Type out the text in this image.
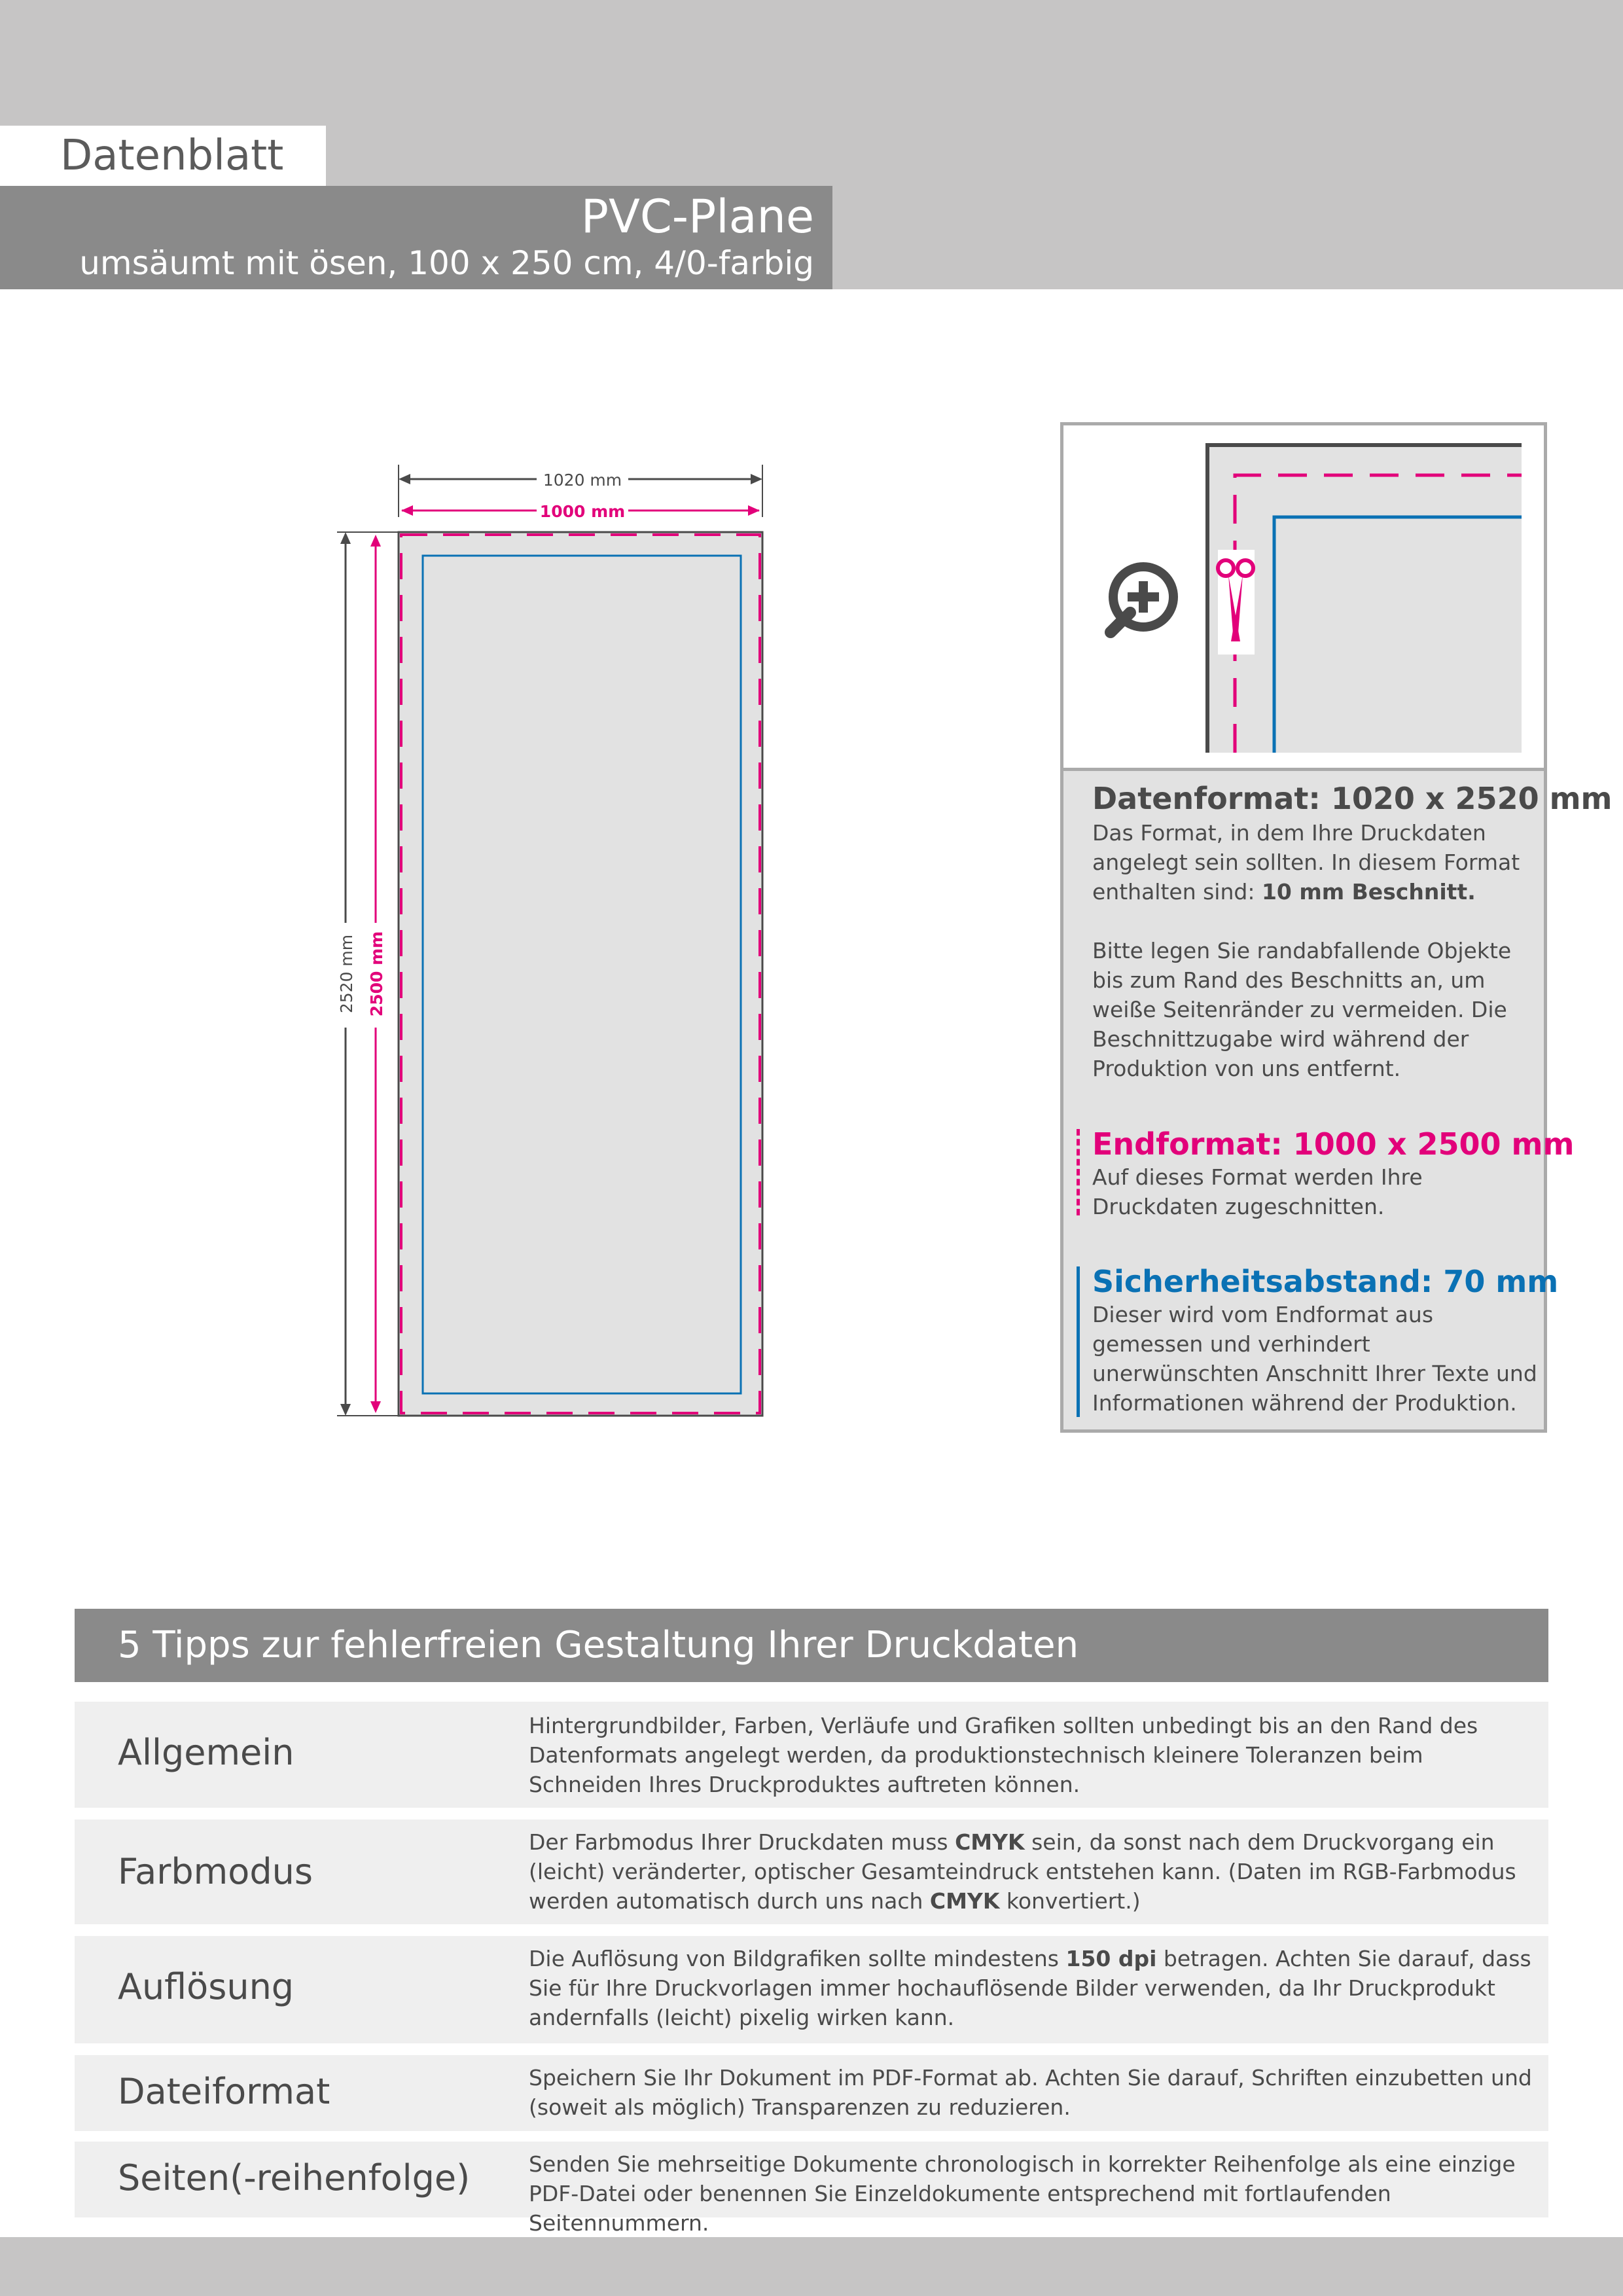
Datenblatt
PVC-Plane
umsäumt mit ösen, 100 x 250 cm, 4/0-farbig
1020 mm
1000 mm
2520 mm 2500 mm
Datenformat: 1020 x 2520 mm
Das Format, in dem Ihre Druckdaten angelegt sein sollten. In diesem Format enthalten sind: 10 mm Beschnitt.
Bitte legen Sie randabfallende Objekte bis zum Rand des Beschnitts an, um weiße Seitenränder zu vermeiden. Die Beschnittzugabe wird während der Produktion von uns entfernt.
Endformat: 1000 x 2500 mm
Auf dieses Format werden Ihre Druckdaten zugeschnitten.
Sicherheitsabstand: 70 mm
Dieser wird vom Endformat aus gemessen und verhindert unerwünschten Anschnitt Ihrer Texte und Informationen während der Produktion.
5 Tipps zur fehlerfreien Gestaltung Ihrer Druckdaten
Allgemein
Hintergrundbilder, Farben, Verläufe und Grafiken sollten unbedingt bis an den Rand des Datenformats angelegt werden, da produktionstechnisch kleinere Toleranzen beim Schneiden Ihres Druckproduktes auftreten können.
Farbmodus
Der Farbmodus Ihrer Druckdaten muss CMYK sein, da sonst nach dem Druckvorgang ein (leicht) veränderter, optischer Gesamteindruck entstehen kann. (Daten im RGB-Farbmodus werden automatisch durch uns nach CMYK konvertiert.)
Auflösung
Die Auflösung von Bildgrafiken sollte mindestens 150 dpi betragen. Achten Sie darauf, dass Sie für Ihre Druckvorlagen immer hochauflösende Bilder verwenden, da Ihr Druckprodukt andernfalls (leicht) pixelig wirken kann.
Dateiformat	Speichern Sie Ihr Dokument im PDF-Format ab. Achten Sie darauf, Schriften einzubetten und (soweit als möglich) Transparenzen zu reduzieren.
Seiten(-reihenfolge)	Senden Sie mehrseitige Dokumente chronologisch in korrekter Reihenfolge als eine einzige PDF-Datei oder benennen Sie Einzeldokumente entsprechend mit fortlaufenden Seitennummern.
